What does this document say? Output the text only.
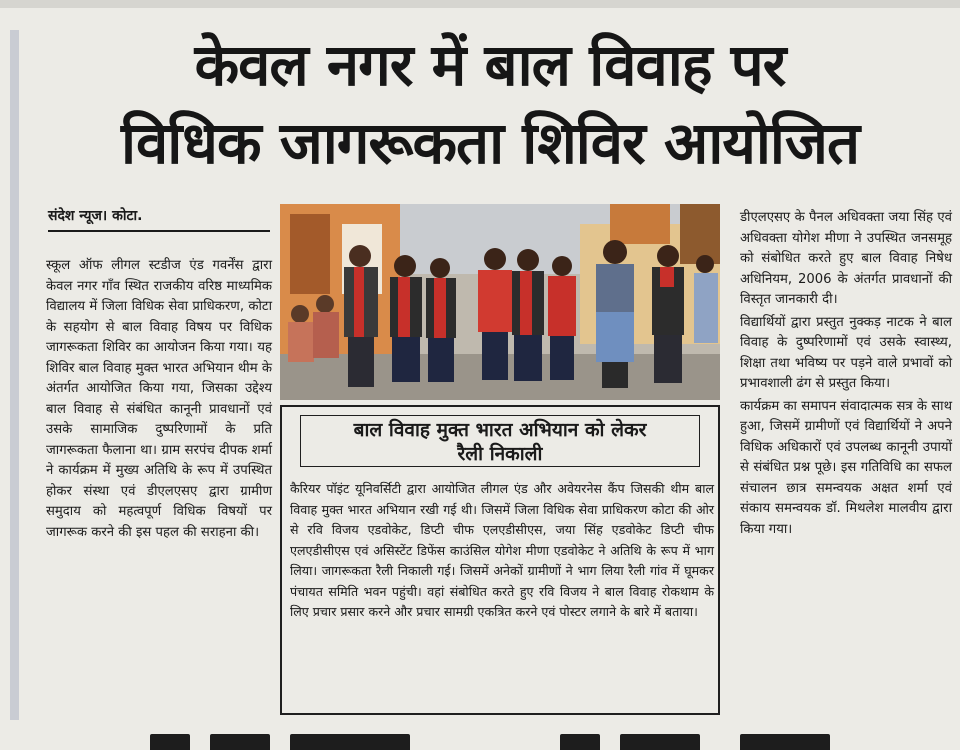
केवल नगर में बाल विवाह पर
विधिक जागरूकता शिविर आयोजित
संदेश न्यूज। कोटा.

स्कूल ऑफ लीगल स्टडीज एंड गवर्नेंस द्वारा केवल नगर गाँव स्थित राजकीय वरिष्ठ माध्यमिक विद्यालय में जिला विधिक सेवा प्राधिकरण, कोटा के सहयोग से बाल विवाह विषय पर विधिक जागरूकता शिविर का आयोजन किया गया। यह शिविर बाल विवाह मुक्त भारत अभियान थीम के अंतर्गत आयोजित किया गया, जिसका उद्देश्य बाल विवाह से संबंधित कानूनी प्रावधानों एवं उसके सामाजिक दुष्परिणामों के प्रति जागरूकता फैलाना था। ग्राम सरपंच दीपक शर्मा ने कार्यक्रम में मुख्य अतिथि के रूप में उपस्थित होकर संस्था एवं डीएलएसए द्वारा ग्रामीण समुदाय को महत्वपूर्ण विधिक विषयों पर जागरूक करने की इस पहल की सराहना की।

बाल विवाह मुक्त भारत अभियान को लेकर
रैली निकाली
कैरियर पॉइंट यूनिवर्सिटी द्वारा आयोजित लीगल एंड और अवेयरनेस कैंप जिसकी थीम बाल विवाह मुक्त भारत अभियान रखी गई थी। जिसमें जिला विधिक सेवा प्राधिकरण कोटा की ओर से रवि विजय एडवोकेट, डिप्टी चीफ एलएडीसीएस, जया सिंह एडवोकेट डिप्टी चीफ एलएडीसीएस एवं असिस्टेंट डिफेंस काउंसिल योगेश मीणा एडवोकेट ने अतिथि के रूप में भाग लिया। जागरूकता रैली निकाली गई। जिसमें अनेकों ग्रामीणों ने भाग लिया रैली गांव में घूमकर पंचायत समिति भवन पहुंची। वहां संबोधित करते हुए रवि विजय ने बाल विवाह रोकथाम के लिए प्रचार प्रसार करने और प्रचार सामग्री एकत्रित करने एवं पोस्टर लगाने के बारे में बताया।

डीएलएसए के पैनल अधिवक्ता जया सिंह एवं अधिवक्ता योगेश मीणा ने उपस्थित जनसमूह को संबोधित करते हुए बाल विवाह निषेध अधिनियम, 2006 के अंतर्गत प्रावधानों की विस्तृत जानकारी दी।

विद्यार्थियों द्वारा प्रस्तुत नुक्कड़ नाटक ने बाल विवाह के दुष्परिणामों एवं उसके स्वास्थ्य, शिक्षा तथा भविष्य पर पड़ने वाले प्रभावों को प्रभावशाली ढंग से प्रस्तुत किया।

कार्यक्रम का समापन संवादात्मक सत्र के साथ हुआ, जिसमें ग्रामीणों एवं विद्यार्थियों ने अपने विधिक अधिकारों एवं उपलब्ध कानूनी उपायों से संबंधित प्रश्न पूछे। इस गतिविधि का सफल संचालन छात्र समन्वयक अक्षत शर्मा एवं संकाय समन्वयक डॉ. मिथलेश मालवीय द्वारा किया गया।
